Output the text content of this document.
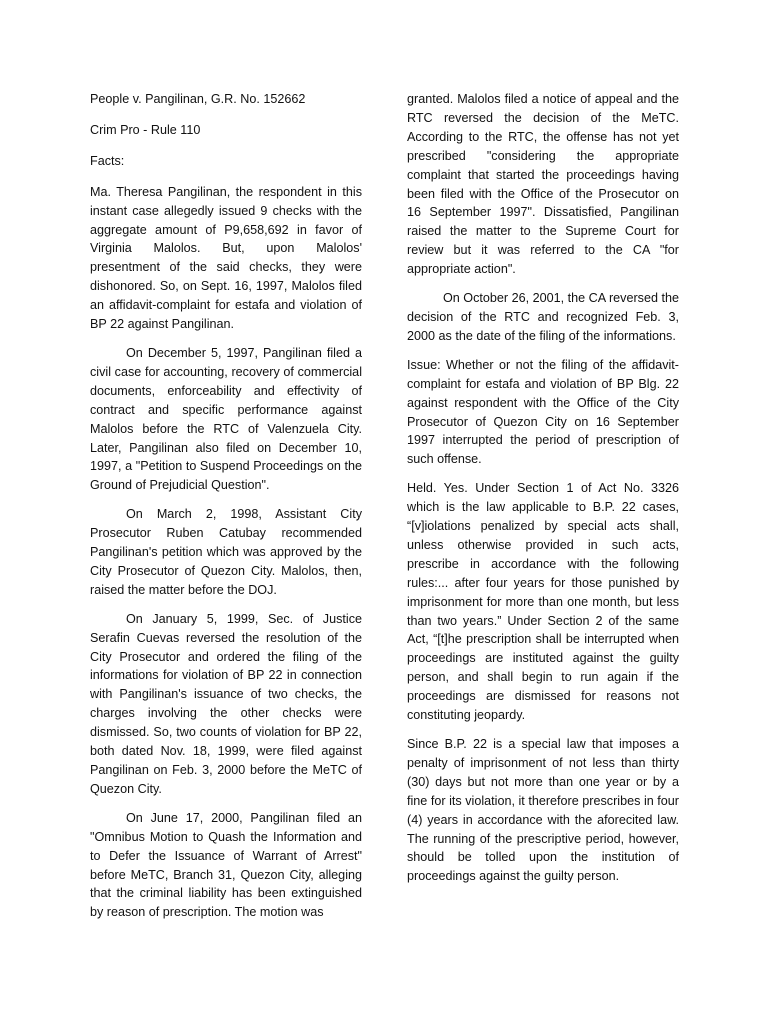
People v. Pangilinan, G.R. No. 152662

Crim Pro - Rule 110

Facts:

Ma. Theresa Pangilinan, the respondent in this instant case allegedly issued 9 checks with the aggregate amount of P9,658,692 in favor of Virginia Malolos. But, upon Malolos' presentment of the said checks, they were dishonored. So, on Sept. 16, 1997, Malolos filed an affidavit-complaint for estafa and violation of BP 22 against Pangilinan.

On December 5, 1997, Pangilinan filed a civil case for accounting, recovery of commercial documents, enforceability and effectivity of contract and specific performance against Malolos before the RTC of Valenzuela City. Later, Pangilinan also filed on December 10, 1997, a "Petition to Suspend Proceedings on the Ground of Prejudicial Question".

On March 2, 1998, Assistant City Prosecutor Ruben Catubay recommended Pangilinan's petition which was approved by the City Prosecutor of Quezon City. Malolos, then, raised the matter before the DOJ.

On January 5, 1999, Sec. of Justice Serafin Cuevas reversed the resolution of the City Prosecutor and ordered the filing of the informations for violation of BP 22 in connection with Pangilinan's issuance of two checks, the charges involving the other checks were dismissed. So, two counts of violation for BP 22, both dated Nov. 18, 1999, were filed against Pangilinan on Feb. 3, 2000 before the MeTC of Quezon City.

On June 17, 2000, Pangilinan filed an "Omnibus Motion to Quash the Information and to Defer the Issuance of Warrant of Arrest" before MeTC, Branch 31, Quezon City, alleging that the criminal liability has been extinguished by reason of prescription. The motion was

granted. Malolos filed a notice of appeal and the RTC reversed the decision of the MeTC. According to the RTC, the offense has not yet prescribed "considering the appropriate complaint that started the proceedings having been filed with the Office of the Prosecutor on 16 September 1997". Dissatisfied, Pangilinan raised the matter to the Supreme Court for review but it was referred to the CA "for appropriate action".

On October 26, 2001, the CA reversed the decision of the RTC and recognized Feb. 3, 2000 as the date of the filing of the informations.

Issue: Whether or not the filing of the affidavit-complaint for estafa and violation of BP Blg. 22 against respondent with the Office of the City Prosecutor of Quezon City on 16 September 1997 interrupted the period of prescription of such offense.

Held. Yes. Under Section 1 of Act No. 3326 which is the law applicable to B.P. 22 cases, “[v]iolations penalized by special acts shall, unless otherwise provided in such acts, prescribe in accordance with the following rules:... after four years for those punished by imprisonment for more than one month, but less than two years.” Under Section 2 of the same Act, “[t]he prescription shall be interrupted when proceedings are instituted against the guilty person, and shall begin to run again if the proceedings are dismissed for reasons not constituting jeopardy.

Since B.P. 22 is a special law that imposes a penalty of imprisonment of not less than thirty (30) days but not more than one year or by a fine for its violation, it therefore prescribes in four (4) years in accordance with the aforecited law. The running of the prescriptive period, however, should be tolled upon the institution of proceedings against the guilty person.
